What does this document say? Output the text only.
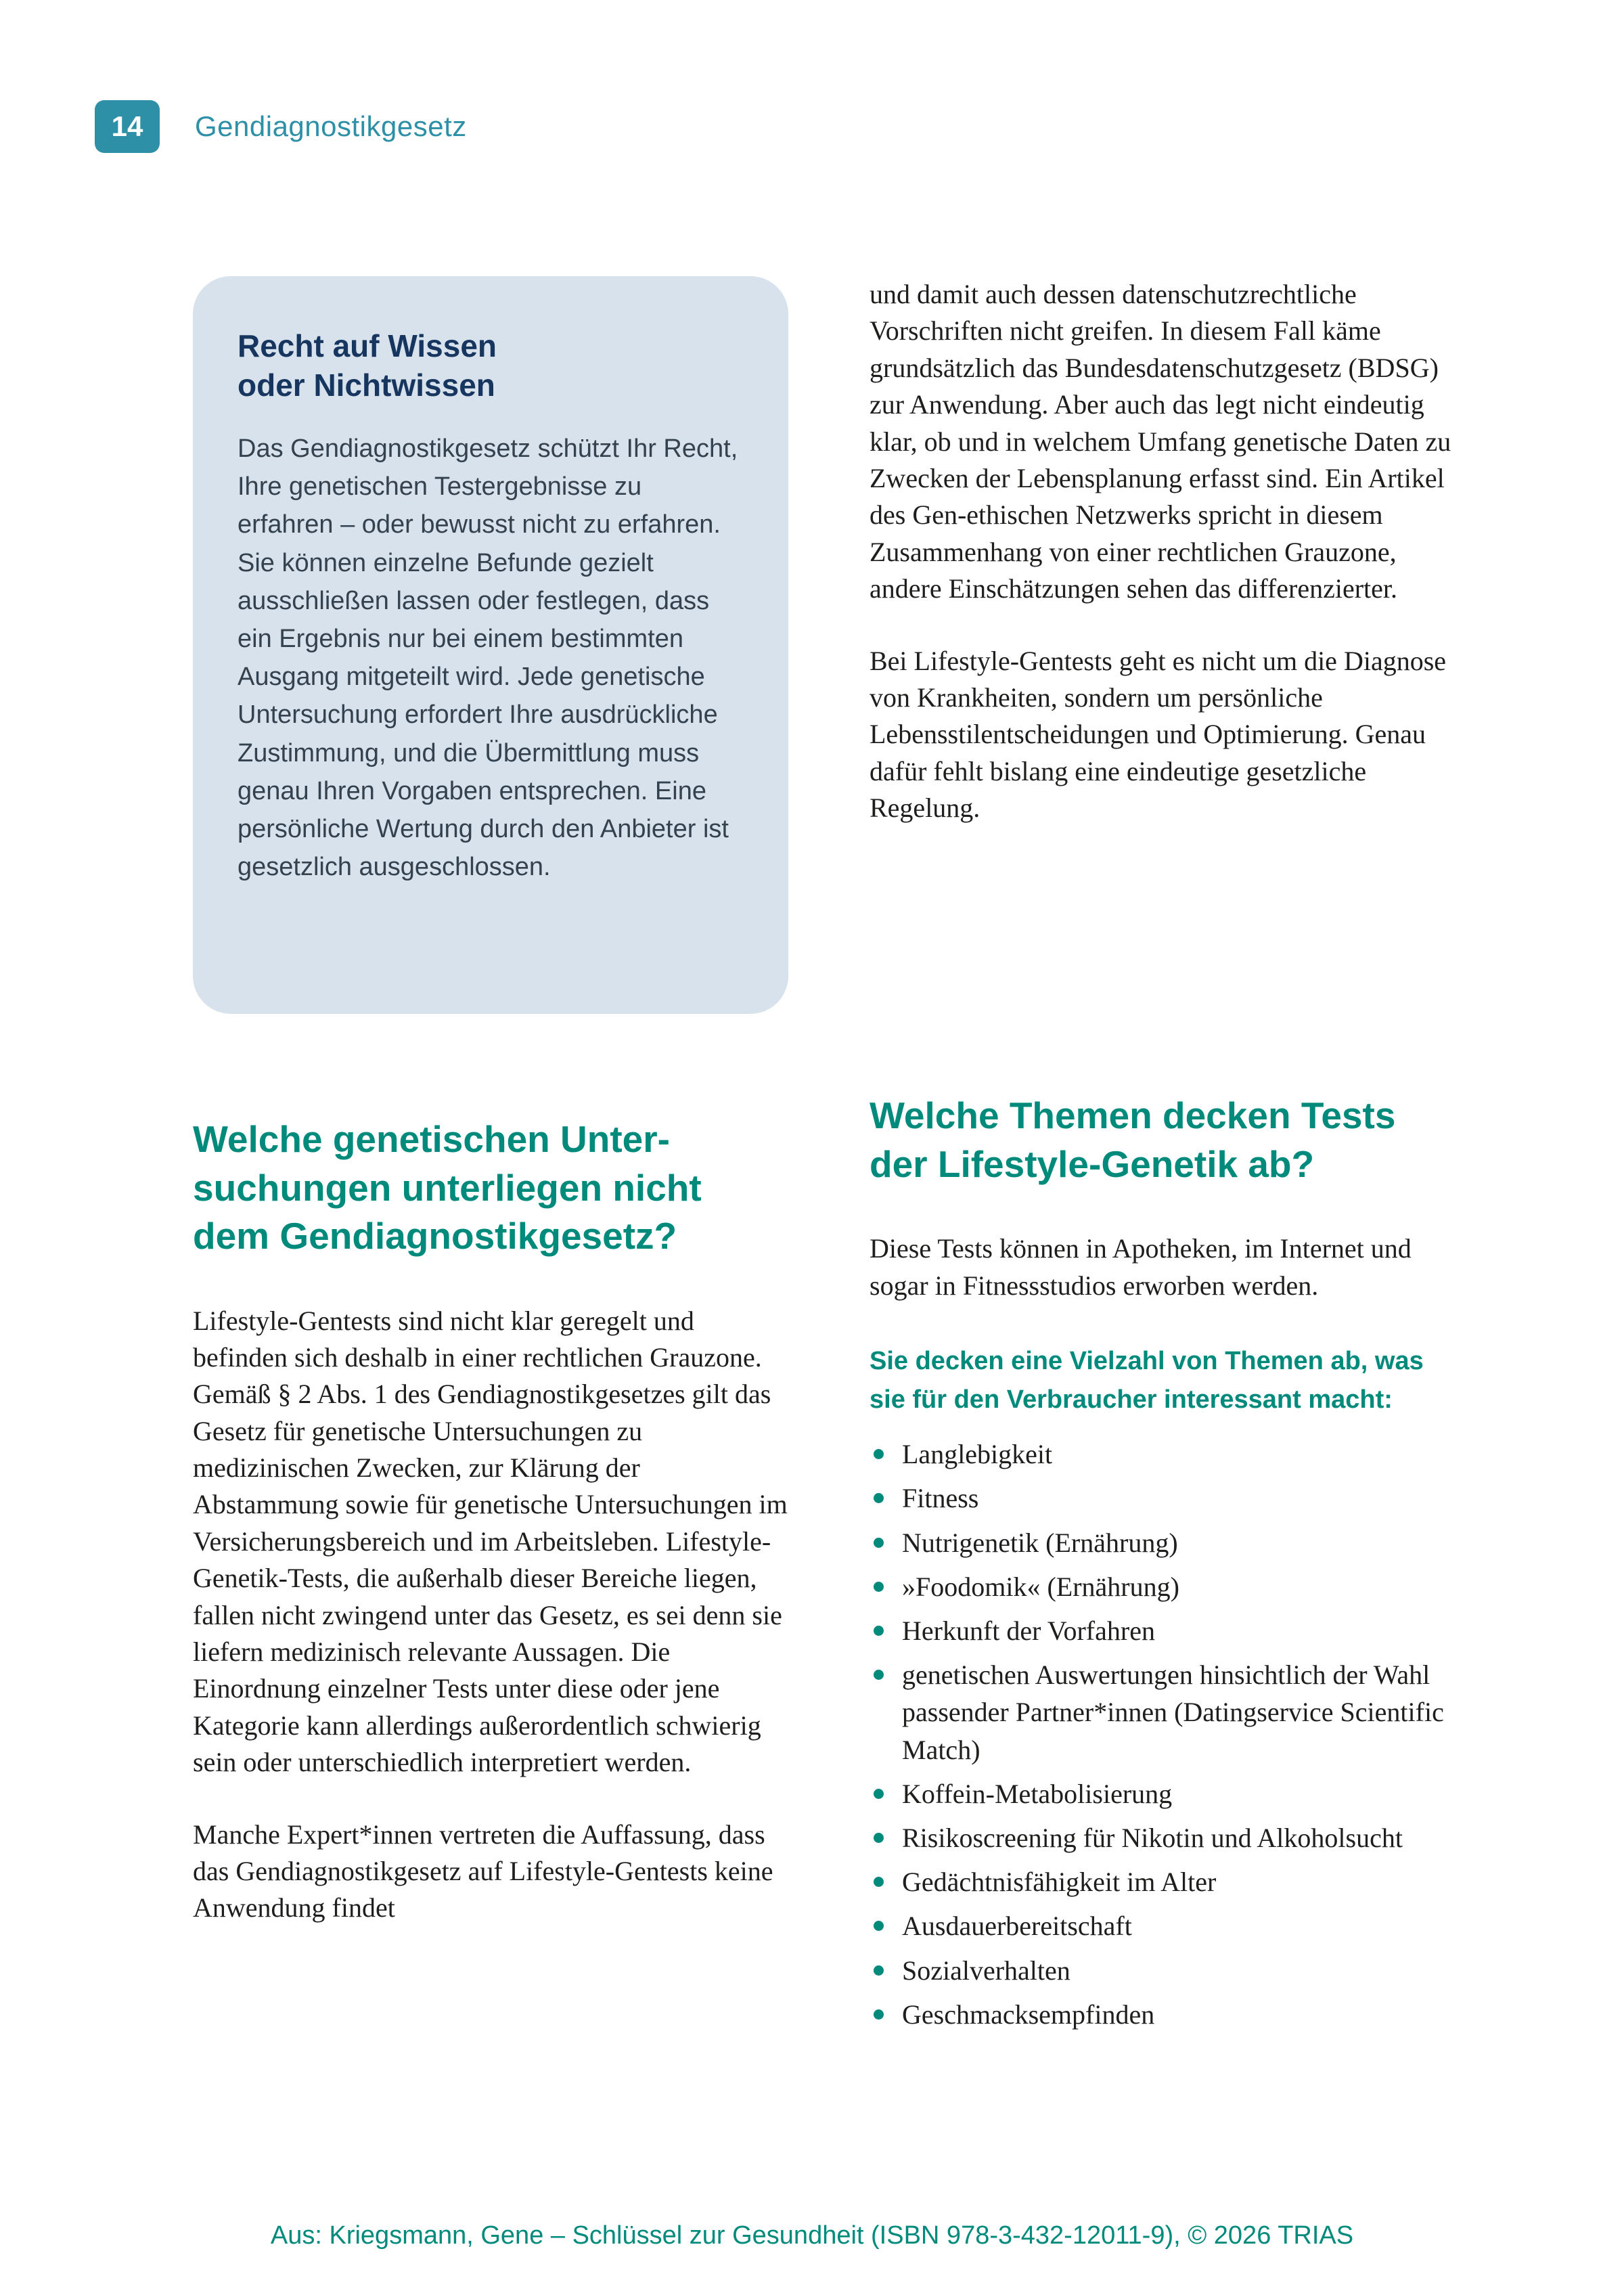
14	Gendiagnostikgesetz
Recht auf Wissen
oder Nichtwissen

Das Gendiagnostikgesetz schützt Ihr Recht, Ihre genetischen Testergebnisse zu erfahren – oder bewusst nicht zu erfahren. Sie können einzelne Befunde gezielt ausschließen lassen oder festlegen, dass ein Ergebnis nur bei einem bestimmten Ausgang mitgeteilt wird. Jede genetische Untersuchung erfordert Ihre ausdrückliche Zustimmung, und die Übermittlung muss genau Ihren Vorgaben entsprechen. Eine persönliche Wertung durch den Anbieter ist gesetzlich ausgeschlossen.

Welche genetischen Unter-
suchungen unterliegen nicht
dem Gendiagnostikgesetz?

Lifestyle-Gentests sind nicht klar geregelt und befinden sich deshalb in einer rechtlichen Grauzone. Gemäß § 2 Abs. 1 des Gendiagnostikgesetzes gilt das Gesetz für genetische Untersuchungen zu medizinischen Zwecken, zur Klärung der Abstammung sowie für genetische Untersuchungen im Versicherungsbereich und im Arbeitsleben. Lifestyle-Genetik-Tests, die außerhalb dieser Bereiche liegen, fallen nicht zwingend unter das Gesetz, es sei denn sie liefern medizinisch relevante Aussagen. Die Einordnung einzelner Tests unter diese oder jene Kategorie kann allerdings außerordentlich schwierig sein oder unterschiedlich interpretiert werden.

Manche Expert*innen vertreten die Auffassung, dass das Gendiagnostikgesetz auf Lifestyle-Gentests keine Anwendung findet

und damit auch dessen datenschutzrechtliche Vorschriften nicht greifen. In diesem Fall käme grundsätzlich das Bundesdatenschutzgesetz (BDSG) zur Anwendung. Aber auch das legt nicht eindeutig klar, ob und in welchem Umfang genetische Daten zu Zwecken der Lebensplanung erfasst sind. Ein Artikel des Gen-ethischen Netzwerks spricht in diesem Zusammenhang von einer rechtlichen Grauzone, andere Einschätzungen sehen das differenzierter.

Bei Lifestyle-Gentests geht es nicht um die Diagnose von Krankheiten, sondern um persönliche Lebensstilentscheidungen und Optimierung. Genau dafür fehlt bislang eine eindeutige gesetzliche Regelung.

Welche Themen decken Tests
der Lifestyle-Genetik ab?

Diese Tests können in Apotheken, im Internet und sogar in Fitnessstudios erworben werden.

Sie decken eine Vielzahl von Themen ab, was sie für den Verbraucher interessant macht:
Langlebigkeit
Fitness
Nutrigenetik (Ernährung)
»Foodomik« (Ernährung)
Herkunft der Vorfahren
genetischen Auswertungen hinsichtlich der Wahl passender Partner*innen (Datingservice Scientific Match)
Koffein-Metabolisierung
Risikoscreening für Nikotin und Alkoholsucht
Gedächtnisfähigkeit im Alter
Ausdauerbereitschaft
Sozialverhalten
Geschmacksempfinden
Aus: Kriegsmann, Gene – Schlüssel zur Gesundheit (ISBN 978-3-432-12011-9), © 2026 TRIAS
